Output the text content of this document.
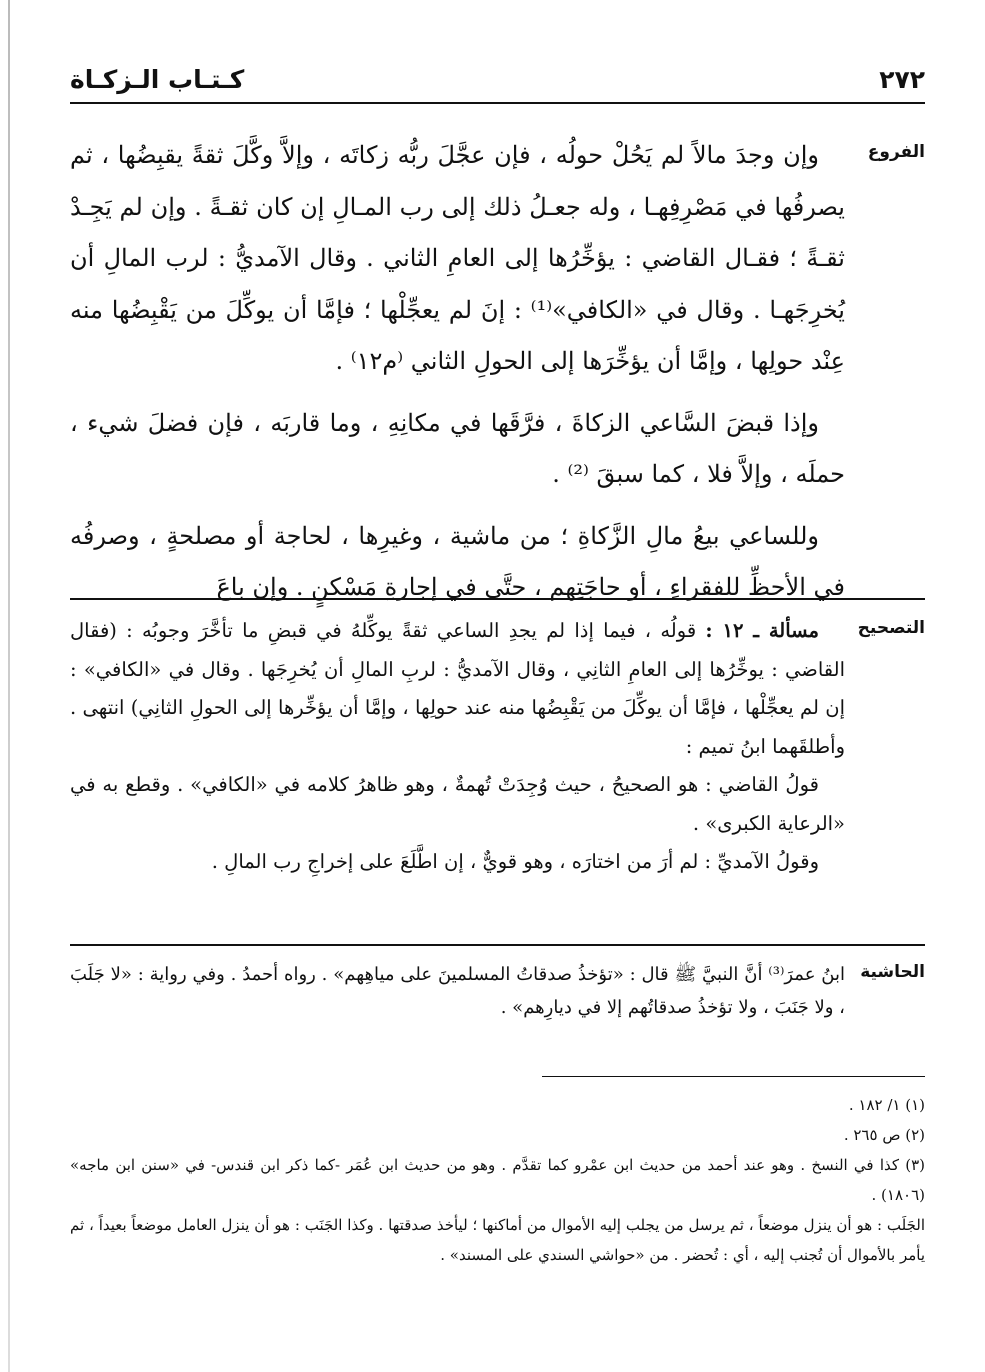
٢٧٢
كـتـاب الـزكـاة
الفروع

وإن وجدَ مالاً لم يَحُلْ حولُه ، فإن عجَّلَ ربُّه زكاتَه ، وإلاَّ وكَّلَ ثقةً يقبِضُها ، ثم يصرفُها في مَصْرِفِهـا ، وله جعـلُ ذلك إلى رب المـالِ إن كان ثقـةً . وإن لم يَجِـدْ ثقـةً ؛ فقـال القاضي : يؤخِّرُها إلى العامِ الثاني . وقال الآمديُّ : لرب المالِ أن يُخرِجَهـا . وقال في «الكافي»⁽¹⁾ : إنَ لم يعجِّلْها ؛ فإمَّا أن يوكِّلَ من يَقْبِضُها منه عِنْد حولِها ، وإمَّا أن يؤخِّرَها إلى الحولِ الثاني ⁽م١٢⁾ .

وإذا قبضَ السَّاعي الزكاةَ ، فرَّقَها في مكانِهِ ، وما قاربَه ، فإن فضلَ شيء ، حملَه ، وإلاَّ فلا ، كما سبقَ ⁽²⁾ .

وللساعي بيعُ مالِ الزَّكاةِ ؛ من ماشية ، وغيرِها ، لحاجة أو مصلحةٍ ، وصرفُه في الأحظِّ للفقراءِ ، أو حاجَتِهم ، حتَّى في إجارةِ مَسْكنٍ . وإن باعَ

التصحيح

مسألة ـ ١٢ : قولُه ، فيما إذا لم يجدِ الساعي ثقةً يوكِّلهُ في قبضِ ما تأخَّرَ وجوبُه : (فقال القاضي : يوخِّرُها إلى العامِ الثانِي ، وقال الآمديُّ : لربِ المالِ أن يُخرِجَها . وقال في «الكافي» : إن لم يعجِّلْها ، فإمَّا أن يوكِّلَ من يَقْبِضُها منه عند حولِها ، وإمَّا أن يؤخِّرها إلى الحولِ الثانِي) انتهى . وأطلقَهما ابنُ تميم :

قولُ القاضي : هو الصحيحُ ، حيث وُجِدَتْ تُهمةٌ ، وهو ظاهرُ كلامه في «الكافي» . وقطع به في «الرعاية الكبرى» .

وقولُ الآمديِّ : لم أرَ من اختارَه ، وهو قويٌّ ، إن اطَّلَعَ على إخراجِ رب المالِ .

الحاشية

ابنُ عمرَ⁽³⁾ أنَّ النبيَّ ﷺ قال : «تؤخذُ صدقاتُ المسلمينَ على مياهِهم» . رواه أحمدُ . وفي رواية : «لا جَلَبَ ، ولا جَنَبَ ، ولا تؤخذُ صدقاتُهم إلا في ديارِهم» .

(١) ١/ ١٨٢ .

(٢) ص ٢٦٥ .

(٣) كذا في النسخ . وهو عند أحمد من حديث ابن عمْرو كما تقدَّم . وهو من حديث ابن عُمَر -كما ذكر ابن قندس- في «سنن ابن ماجه» (١٨٠٦) .

الجَلَب : هو أن ينزل موضعاً ، ثم يرسل من يجلب إليه الأموال من أماكنها ؛ ليأخذ صدقتها . وكذا الجَنَب : هو أن ينزل العامل موضعاً بعيداً ، ثم يأمر بالأموال أن تُجنب إليه ، أي : تُحضر . من «حواشي السندي على المسند» .
